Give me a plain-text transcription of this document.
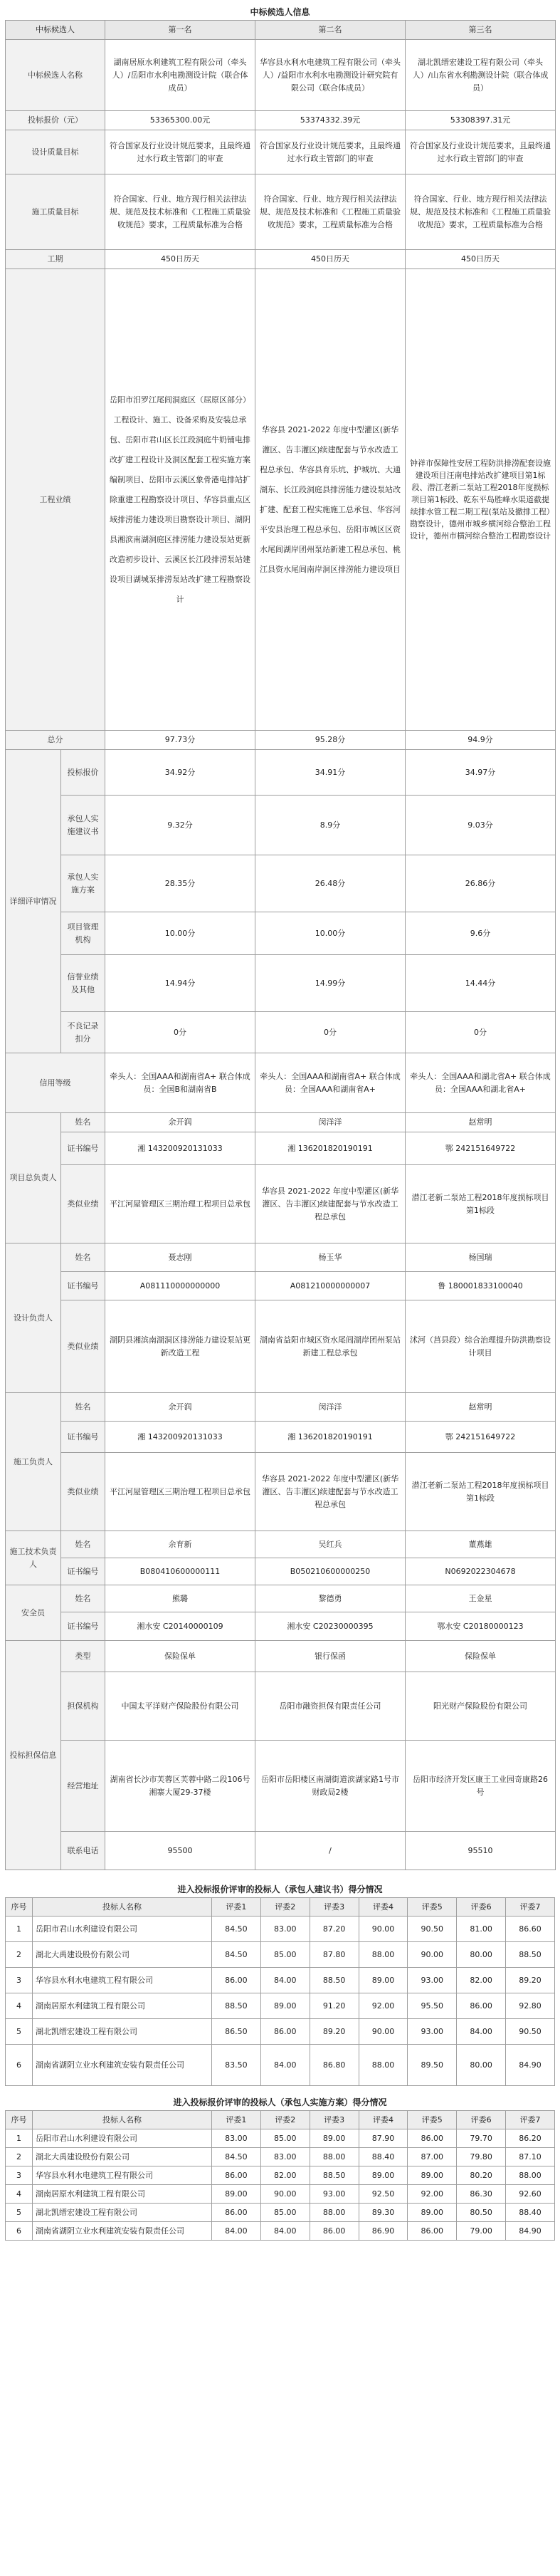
中标候选人信息
中标候选人		第一名	第二名	第三名
中标候选人名称		湖南居原水利建筑工程有限公司（牵头人）/岳阳市水利电勘测设计院（联合体成员）	华容县水利水电建筑工程有限公司（牵头人）/益阳市水利水电勘测设计研究院有限公司（联合体成员）	湖北凯缙宏建设工程有限公司（牵头人）/山东省水利勘测设计院（联合体成员）
投标报价（元）		53365300.00元	53374332.39元	53308397.31元
设计质量目标		符合国家及行业设计规范要求，且最终通过水行政主管部门的审查	符合国家及行业设计规范要求，且最终通过水行政主管部门的审查	符合国家及行业设计规范要求，且最终通过水行政主管部门的审查
施工质量目标		符合国家、行业、地方现行相关法律法规、规范及技术标准和《工程施工质量验收规范》要求，工程质量标准为合格	符合国家、行业、地方现行相关法律法规、规范及技术标准和《工程施工质量验收规范》要求，工程质量标准为合格	符合国家、行业、地方现行相关法律法规、规范及技术标准和《工程施工质量验收规范》要求，工程质量标准为合格
工期		450日历天	450日历天	450日历天
工程业绩		岳阳市汨罗江尾闾洞庭区（屈原区部分）工程设计、施工、设备采购及安装总承包、岳阳市君山区长江段洞庭牛奶铺电排改扩建工程设计及洞区配套工程实施方案编制项目、岳阳市云溪区象骨港电排站扩除重建工程勘察设计项目、华容县重点区域排涝能力建设项目勘察设计项目、湖阴县湘滨南湖洞庭区排涝能力建设泵站更新改造初步设计、云溪区长江段排涝泵站建设项目湖城泵排涝泵站改扩建工程勘察设计	华容县 2021-2022 年度中型灌区(新华灌区、告丰灌区)续建配套与节水改造工程总承包、华容县育乐坑、护城坑、大通湖东、长江段洞庭县排涝能力建设泵站改扩建、配套工程实施施工总承包、华容河平安县治理工程总承包、岳阳市城区区资水尾闾湖岸团州泵站新建工程总承包、桃江县资水尾闾南岸洞区排涝能力建设项目	钟祥市保障性安居工程防洪排涝配套设施建设项目汪南电排站改扩建项目第1标段、潜江老新二泵站工程2018年度损标项目第1标段、乾东平岛胜峰水渠道截提续排水管工程二期工程(泵站及撤排工程）勘察设计，德州市城乡横河综合整治工程设计，德州市横河综合整治工程勘察设计
总分		97.73分	95.28分	94.9分
详细评审情况	投标报价	34.92分	34.91分	34.97分
	承包人实施建议书	9.32分	8.9分	9.03分
	承包人实施方案	28.35分	26.48分	26.86分
	项目管理机构	10.00分	10.00分	9.6分
	信誉业绩及其他	14.94分	14.99分	14.44分
	不良记录扣分	0分	0分	0分
信用等级		牵头人：全国AAA和湖南省A+ 联合体成员：全国B和湖南省B	牵头人：全国AAA和湖南省A+ 联合体成员：全国AAA和湖南省A+	牵头人：全国AAA和湖北省A+ 联合体成员：全国AAA和湖北省A+
项目总负责人	姓名	余开润	闵洋洋	赵常明
	证书编号	湘 143200920131033	湘 136201820190191	鄂 242151649722
	类似业绩	平江河屋管理区三期治理工程项目总承包	华容县 2021-2022 年度中型灌区(新华灌区、告丰灌区)续建配套与节水改造工程总承包	潜江老新二泵站工程2018年度损标项目第1标段
设计负责人	姓名	聂志刚	杨玉华	杨国瑞
	证书编号	A081110000000000	A081210000000007	鲁 180001833100040
	类似业绩	湖阴县湘滨南湖洞区排涝能力建设泵站更新改造工程	湖南省益阳市城区资水尾闾湖岸团州泵站新建工程总承包	沭河（莒县段）综合治理提升防洪勘察设计项目
施工负责人	姓名	余开润	闵洋洋	赵常明
	证书编号	湘 143200920131033	湘 136201820190191	鄂 242151649722
	类似业绩	平江河屋管理区三期治理工程项目总承包	华容县 2021-2022 年度中型灌区(新华灌区、告丰灌区)续建配套与节水改造工程总承包	潜江老新二泵站工程2018年度损标项目第1标段
施工技术负责人	姓名	余育新	吴红兵	董燕雄
	证书编号	B080410600000111	B050210600000250	N0692022304678
安全员	姓名	熊璐	黎德勇	王金星
	证书编号	湘水安 C20140000109	湘水安 C20230000395	鄂水安 C20180000123
投标担保信息	类型	保险保单	银行保函	保险保单
	担保机构	中国太平洋财产保险股份有限公司	岳阳市融资担保有限责任公司	阳光财产保险股份有限公司
	经营地址	湖南省长沙市芙蓉区芙蓉中路二段106号湘寨大厦29-37楼	岳阳市岳阳楼区南湖街道滨湖家路1号市财政局2楼	岳阳市经济开发区康王工业园奇康路26号
	联系电话	95500	/	95510
进入投标报价评审的投标人（承包人建议书）得分情况
序号	投标人名称	评委1	评委2	评委3	评委4	评委5	评委6	评委7
1	岳阳市君山水利建设有限公司	84.50	83.00	87.20	90.00	90.50	81.00	86.60
2	湖北大禹建设股份有限公司	84.50	85.00	87.80	88.00	90.00	80.00	88.50
3	华容县水利水电建筑工程有限公司	86.00	84.00	88.50	89.00	93.00	82.00	89.20
4	湖南居原水利建筑工程有限公司	88.50	89.00	91.20	92.00	95.50	86.00	92.80
5	湖北凯缙宏建设工程有限公司	86.50	86.00	89.20	90.00	93.00	84.00	90.50
6	湖南省湖阴立业水利建筑安装有限责任公司	83.50	84.00	86.80	88.00	89.50	80.00	84.90
进入投标报价评审的投标人（承包人实施方案）得分情况
序号	投标人名称	评委1	评委2	评委3	评委4	评委5	评委6	评委7
1	岳阳市君山水利建设有限公司	83.00	85.00	89.00	87.90	86.00	79.70	86.20
2	湖北大禹建设股份有限公司	84.50	83.00	88.00	88.40	87.00	79.80	87.10
3	华容县水利水电建筑工程有限公司	86.00	82.00	88.50	89.00	89.00	80.20	88.00
4	湖南居原水利建筑工程有限公司	89.00	90.00	93.00	92.50	92.00	86.30	92.60
5	湖北凯缙宏建设工程有限公司	86.00	85.00	88.00	89.30	89.00	80.50	88.40
6	湖南省湖阴立业水利建筑安装有限责任公司	84.00	84.00	86.00	86.90	86.00	79.00	84.90
